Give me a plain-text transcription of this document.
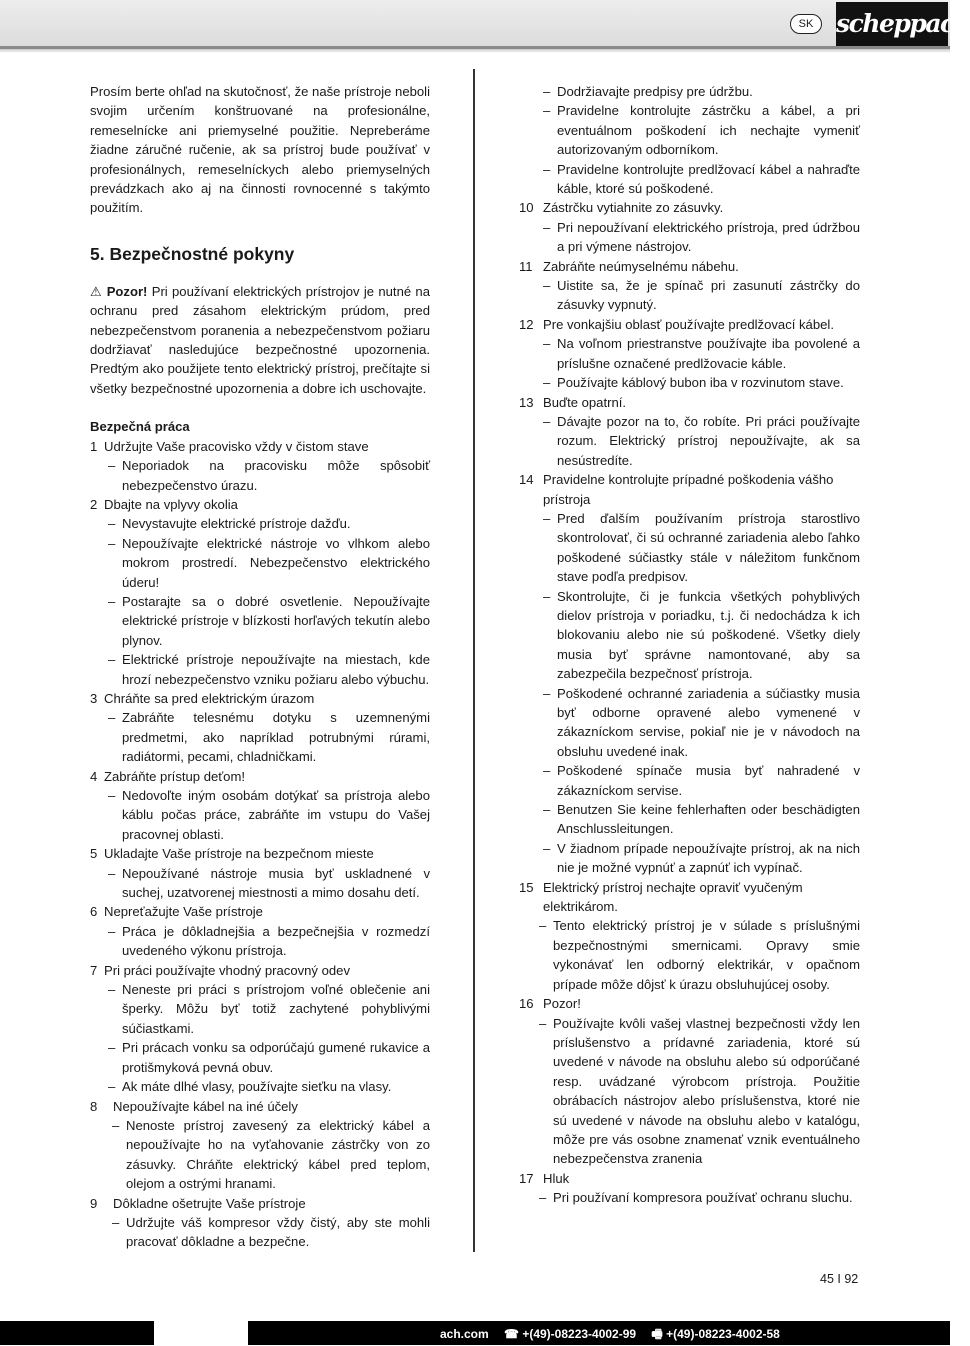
SK scheppach

Prosím berte ohľad na skutočnosť, že naše prístroje neboli svojim určením konštruované na profesionálne, remeselnícke ani priemyselné použitie. Nepreberáme žiadne záručné ručenie, ak sa prístroj bude používať v profesionálnych, remeselníckych alebo priemyselných prevádzkach ako aj na činnosti rovnocenné s takýmto použitím.

5. Bezpečnostné pokyny

⚠ Pozor! Pri používaní elektrických prístrojov je nutné na ochranu pred zásahom elektrickým prúdom, pred nebezpečenstvom poranenia a nebezpečenstvom požiaru dodržiavať nasledujúce bezpečnostné upozornenia. Predtým ako použijete tento elektrický prístroj, prečítajte si všetky bezpečnostné upozornenia a dobre ich uschovajte.

Bezpečná práca
1 Udržujte Vaše pracovisko vždy v čistom stave
– Neporiadok na pracovisku môže spôsobiť nebezpečenstvo úrazu.
2 Dbajte na vplyvy okolia
– Nevystavujte elektrické prístroje dažďu.
– Nepoužívajte elektrické nástroje vo vlhkom alebo mokrom prostredí. Nebezpečenstvo elektrického úderu!
– Postarajte sa o dobré osvetlenie. Nepoužívajte elektrické prístroje v blízkosti horľavých tekutín alebo plynov.
– Elektrické prístroje nepoužívajte na miestach, kde hrozí nebezpečenstvo vzniku požiaru alebo výbuchu.
3 Chráňte sa pred elektrickým úrazom
– Zabráňte telesnému dotyku s uzemnenými predmetmi, ako napríklad potrubnými rúrami, radiátormi, pecami, chladničkami.
4 Zabráňte prístup deťom!
– Nedovoľte iným osobám dotýkať sa prístroja alebo káblu počas práce, zabráňte im vstupu do Vašej pracovnej oblasti.
5 Ukladajte Vaše prístroje na bezpečnom mieste
– Nepoužívané nástroje musia byť uskladnené v suchej, uzatvorenej miestnosti a mimo dosahu detí.
6 Nepreťažujte Vaše prístroje
– Práca je dôkladnejšia a bezpečnejšia v rozmedzí uvedeného výkonu prístroja.
7 Pri práci používajte vhodný pracovný odev
– Neneste pri práci s prístrojom voľné oblečenie ani šperky. Môžu byť totiž zachytené pohyblivými súčiastkami.
– Pri prácach vonku sa odporúčajú gumené rukavice a protišmyková pevná obuv.
– Ak máte dlhé vlasy, používajte sieťku na vlasy.
8	Nepoužívajte kábel na iné účely
– Nenoste prístroj zavesený za elektrický kábel a nepoužívajte ho na vyťahovanie zástrčky von zo zásuvky. Chráňte elektrický kábel pred teplom, olejom a ostrými hranami.
9	Dôkladne ošetrujte Vaše prístroje
– Udržujte váš kompresor vždy čistý, aby ste mohli pracovať dôkladne a bezpečne.
– Dodržiavajte predpisy pre údržbu.
– Pravidelne kontrolujte zástrčku a kábel, a pri eventuálnom poškodení ich nechajte vymeniť autorizovaným odborníkom.
– Pravidelne kontrolujte predlžovací kábel a nahraďte káble, ktoré sú poškodené.
10 Zástrčku vytiahnite zo zásuvky.
– Pri nepoužívaní elektrického prístroja, pred údržbou a pri výmene nástrojov.
11 Zabráňte neúmyselnému nábehu.
– Uistite sa, že je spínač pri zasunutí zástrčky do zásuvky vypnutý.
12 Pre vonkajšiu oblasť používajte predlžovací kábel.
– Na voľnom priestranstve používajte iba povolené a príslušne označené predlžovacie káble.
– Používajte káblový bubon iba v rozvinutom stave.
13 Buďte opatrní.
– Dávajte pozor na to, čo robíte. Pri práci používajte rozum. Elektrický prístroj nepoužívajte, ak sa nesústredíte.
14 Pravidelne kontrolujte prípadné poškodenia vášho prístroja
– Pred ďalším používaním prístroja starostlivo skontrolovať, či sú ochranné zariadenia alebo ľahko poškodené súčiastky stále v náležitom funkčnom stave podľa predpisov.
– Skontrolujte, či je funkcia všetkých pohyblivých dielov prístroja v poriadku, t.j. či nedochádza k ich blokovaniu alebo nie sú poškodené. Všetky diely musia byť správne namontované, aby sa zabezpečila bezpečnosť prístroja.
– Poškodené ochranné zariadenia a súčiastky musia byť odborne opravené alebo vymenené v zákazníckom servise, pokiaľ nie je v návodoch na obsluhu uvedené inak.
– Poškodené spínače musia byť nahradené v zákazníckom servise.
– Benutzen Sie keine fehlerhaften oder beschädigten Anschlussleitungen.
– V žiadnom prípade nepoužívajte prístroj, ak na nich nie je možné vypnúť a zapnúť ich vypínač.
15 Elektrický prístroj nechajte opraviť vyučeným elektrikárom.
– Tento elektrický prístroj je v súlade s príslušnými bezpečnostnými smernicami. Opravy smie vykonávať len odborný elektrikár, v opačnom prípade môže dôjsť k úrazu obsluhujúcej osoby.
16 Pozor!
– Používajte kvôli vašej vlastnej bezpečnosti vždy len príslušenstvo a prídavné zariadenia, ktoré sú uvedené v návode na obsluhu alebo sú odporúčané resp. uvádzané výrobcom prístroja. Použitie obrábacích nástrojov alebo príslušenstva, ktoré nie sú uvedené v návode na obsluhu alebo v katalógu, môže pre vás osobne znamenať vznik eventuálneho nebezpečenstva zranenia
17 Hluk
– Pri používaní kompresora používať ochranu sluchu.
45 I 92
ach.com ☎ +(49)-08223-4002-99 🖷 +(49)-08223-4002-58
